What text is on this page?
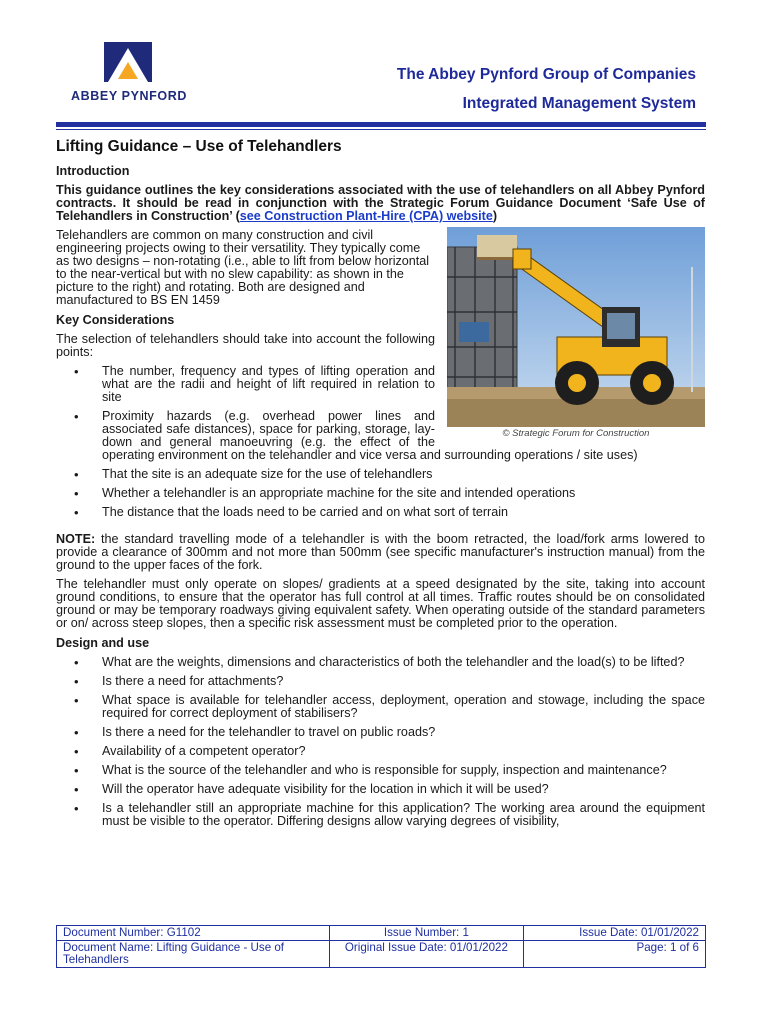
ABBEY PYNFORD
The Abbey Pynford Group of Companies
Integrated Management System
Lifting Guidance – Use of Telehandlers
Introduction

This guidance outlines the key considerations associated with the use of telehandlers on all Abbey Pynford contracts. It should be read in conjunction with the Strategic Forum Guidance Document ‘Safe Use of Telehandlers in Construction’ (see Construction Plant-Hire (CPA) website)

© Strategic Forum for Construction

Telehandlers are common on many construction and civil engineering projects owing to their versatility. They typically come as two designs – non-rotating (i.e., able to lift from below horizontal to the near-vertical but with no slew capability: as shown in the picture to the right) and rotating. Both are designed and manufactured to BS EN 1459

Key Considerations

The selection of telehandlers should take into account the following points:

• The number, frequency and types of lifting operation and what are the radii and height of lift required in relation to site
• Proximity hazards (e.g. overhead power lines and associated safe distances), space for parking, storage, lay-down and general manoeuvring (e.g. the effect of the operating environment on the telehandler and vice versa and surrounding operations / site uses)
• That the site is an adequate size for the use of telehandlers
• Whether a telehandler is an appropriate machine for the site and intended operations
• The distance that the loads need to be carried and on what sort of terrain

NOTE: the standard travelling mode of a telehandler is with the boom retracted, the load/fork arms lowered to provide a clearance of 300mm and not more than 500mm (see specific manufacturer's instruction manual) from the ground to the upper faces of the fork.

The telehandler must only operate on slopes/ gradients at a speed designated by the site, taking into account ground conditions, to ensure that the operator has full control at all times. Traffic routes should be on consolidated ground or may be temporary roadways giving equivalent safety. When operating outside of the standard parameters or on/ across steep slopes, then a specific risk assessment must be completed prior to the operation.

Design and use
• What are the weights, dimensions and characteristics of both the telehandler and the load(s) to be lifted?
• Is there a need for attachments?
• What space is available for telehandler access, deployment, operation and stowage, including the space required for correct deployment of stabilisers?
• Is there a need for the telehandler to travel on public roads?
• Availability of a competent operator?
• What is the source of the telehandler and who is responsible for supply, inspection and maintenance?
• Will the operator have adequate visibility for the location in which it will be used?
• Is a telehandler still an appropriate machine for this application? The working area around the equipment must be visible to the operator. Differing designs allow varying degrees of visibility,
Document Number: G1102	Issue Number: 1	Issue Date: 01/01/2022
Document Name: Lifting Guidance - Use of Telehandlers	Original Issue Date: 01/01/2022	Page: 1 of 6
